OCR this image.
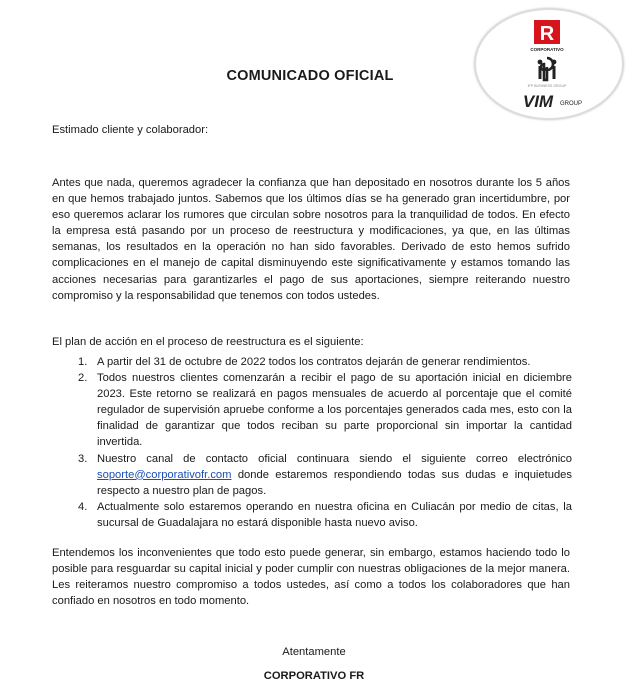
R
CORPORATIVO
IFP BUSINESS GROUP
VIM GROUP
COMUNICADO OFICIAL
Estimado cliente y colaborador:
Antes que nada, queremos agradecer la confianza que han depositado en nosotros durante los 5 años en que hemos trabajado juntos. Sabemos que los últimos días se ha generado gran incertidumbre, por eso queremos aclarar los rumores que circulan sobre nosotros para la tranquilidad de todos. En efecto la empresa está pasando por un proceso de reestructura y modificaciones, ya que, en las últimas semanas, los resultados en la operación no han sido favorables. Derivado de esto hemos sufrido complicaciones en el manejo de capital disminuyendo este significativamente y estamos tomando las acciones necesarias para garantizarles el pago de sus aportaciones, siempre reiterando nuestro compromiso y la responsabilidad que tenemos con todos ustedes.
El plan de acción en el proceso de reestructura es el siguiente:
1. A partir del 31 de octubre de 2022 todos los contratos dejarán de generar rendimientos.
2. Todos nuestros clientes comenzarán a recibir el pago de su aportación inicial en diciembre 2023. Este retorno se realizará en pagos mensuales de acuerdo al porcentaje que el comité regulador de supervisión apruebe conforme a los porcentajes generados cada mes, esto con la finalidad de garantizar que todos reciban su parte proporcional sin importar la cantidad invertida.
3. Nuestro canal de contacto oficial continuara siendo el siguiente correo electrónico soporte@corporativofr.com donde estaremos respondiendo todas sus dudas e inquietudes respecto a nuestro plan de pagos.
4. Actualmente solo estaremos operando en nuestra oficina en Culiacán por medio de citas, la sucursal de Guadalajara no estará disponible hasta nuevo aviso.
Entendemos los inconvenientes que todo esto puede generar, sin embargo, estamos haciendo todo lo posible para resguardar su capital inicial y poder cumplir con nuestras obligaciones de la mejor manera. Les reiteramos nuestro compromiso a todos ustedes, así como a todos los colaboradores que han confiado en nosotros en todo momento.
Atentamente
CORPORATIVO FR
